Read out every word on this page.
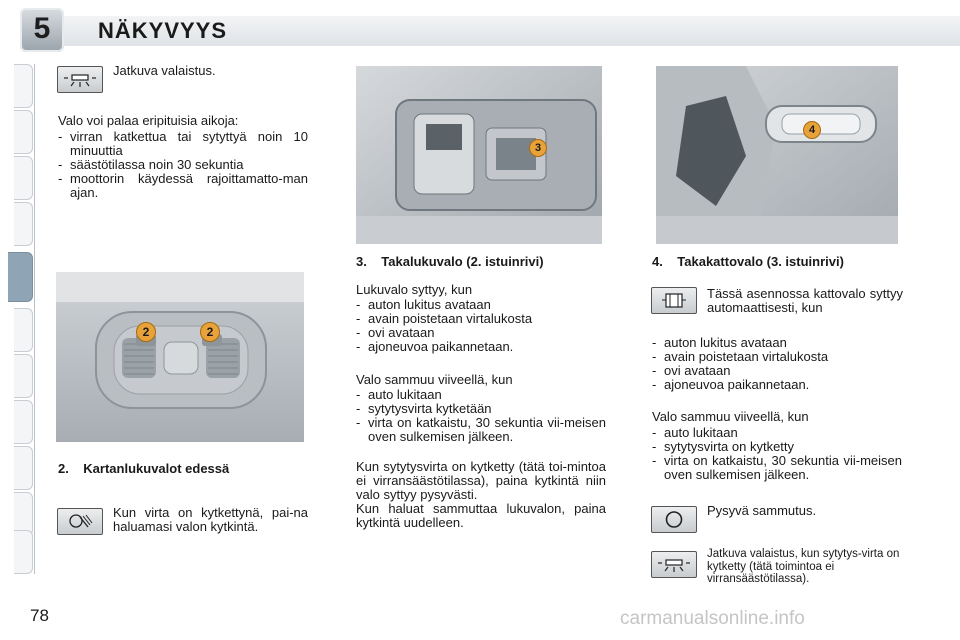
5	NÄKYVYYS
Jatkuva valaistus.
Valo voi palaa eripituisia aikoja:
- virran katkettua tai sytyttyä noin 10 minuuttia
- säästötilassa noin 30 sekuntia
- moottorin käydessä rajoittamatto-man ajan.
2	2
2.    Kartanlukuvalot edessä
Kun virta on kytkettynä, pai-na haluamasi valon kytkintä.
3
3.    Takalukuvalo (2. istuinrivi)
Lukuvalo syttyy, kun
- auton lukitus avataan
- avain poistetaan virtalukosta
- ovi avataan
- ajoneuvoa paikannetaan.
Valo sammuu viiveellä, kun
- auto lukitaan
- sytytysvirta kytketään
- virta on katkaistu, 30 sekuntia vii-meisen oven sulkemisen jälkeen.
Kun sytytysvirta on kytketty (tätä toi-mintoa ei virransäästötilassa), paina kytkintä niin valo syttyy pysyvästi.
Kun haluat sammuttaa lukuvalon, paina kytkintä uudelleen.
4
4.    Takakattovalo (3. istuinrivi)
Tässä asennossa kattovalo syttyy automaattisesti, kun
- auton lukitus avataan
- avain poistetaan virtalukosta
- ovi avataan
- ajoneuvoa paikannetaan.
Valo sammuu viiveellä, kun
- auto lukitaan
- sytytysvirta on kytketty
- virta on katkaistu, 30 sekuntia vii-meisen oven sulkemisen jälkeen.
Pysyvä sammutus.
Jatkuva valaistus, kun sytytys-virta on kytketty (tätä toimintoa ei virransäästötilassa).
78	carmanualsonline.info
